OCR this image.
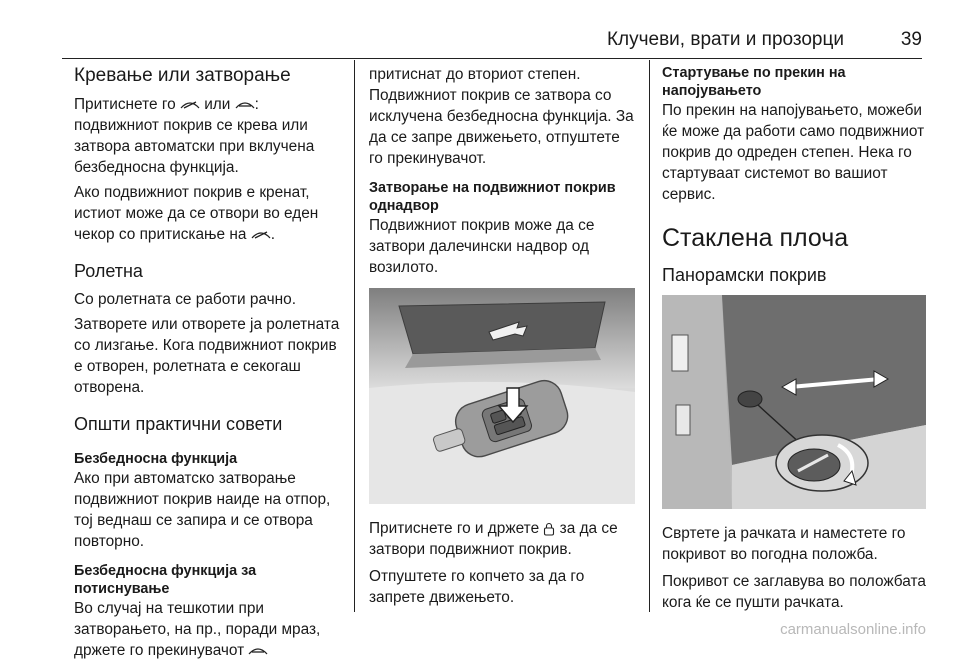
Клучеви, врати и прозорци	39
Кревање или затворање

Притиснете го
или
: подвижниот покрив се крева или затвора автоматски при вклучена безбедносна функција.

Ако подвижниот покрив е кренат, истиот може да се отвори во еден чекор со притискање на
.

Ролетна

Со ролетната се работи рачно.

Затворете или отворете ја ролетната со лизгање. Кога подвижниот покрив е отворен, ролетната е секогаш отворена.

Општи практични совети
Безбедносна функција

Ако при автоматско затворање подвижниот покрив наиде на отпор, тој веднаш се запира и се отвора повторно.

Безбедносна функција за потиснување

Во случај на тешкотии при затворањето, на пр., поради мраз, држете го прекинувачот

притиснат до вториот степен. Подвижниот покрив се затвора со исклучена безбедносна функција. За да се запре движењето, отпуштете го прекинувачот.

Затворање на подвижниот покрив однадвор

Подвижниот покрив може да се затвори далечински надвор од возилото.

Притиснете го и држете
за да се затвори подвижниот покрив.

Отпуштете го копчето за да го запрете движењето.

Стартување по прекин на напојувањето

По прекин на напојувањето, можеби ќе може да работи само подвижниот покрив до одреден степен. Нека го стартуваат системот во вашиот сервис.

Стаклена плоча
Панорамски покрив

Свртете ја рачката и наместете го покривот во погодна положба.

Покривот се заглавува во положбата кога ќе се пушти рачката.

carmanualsonline.info
